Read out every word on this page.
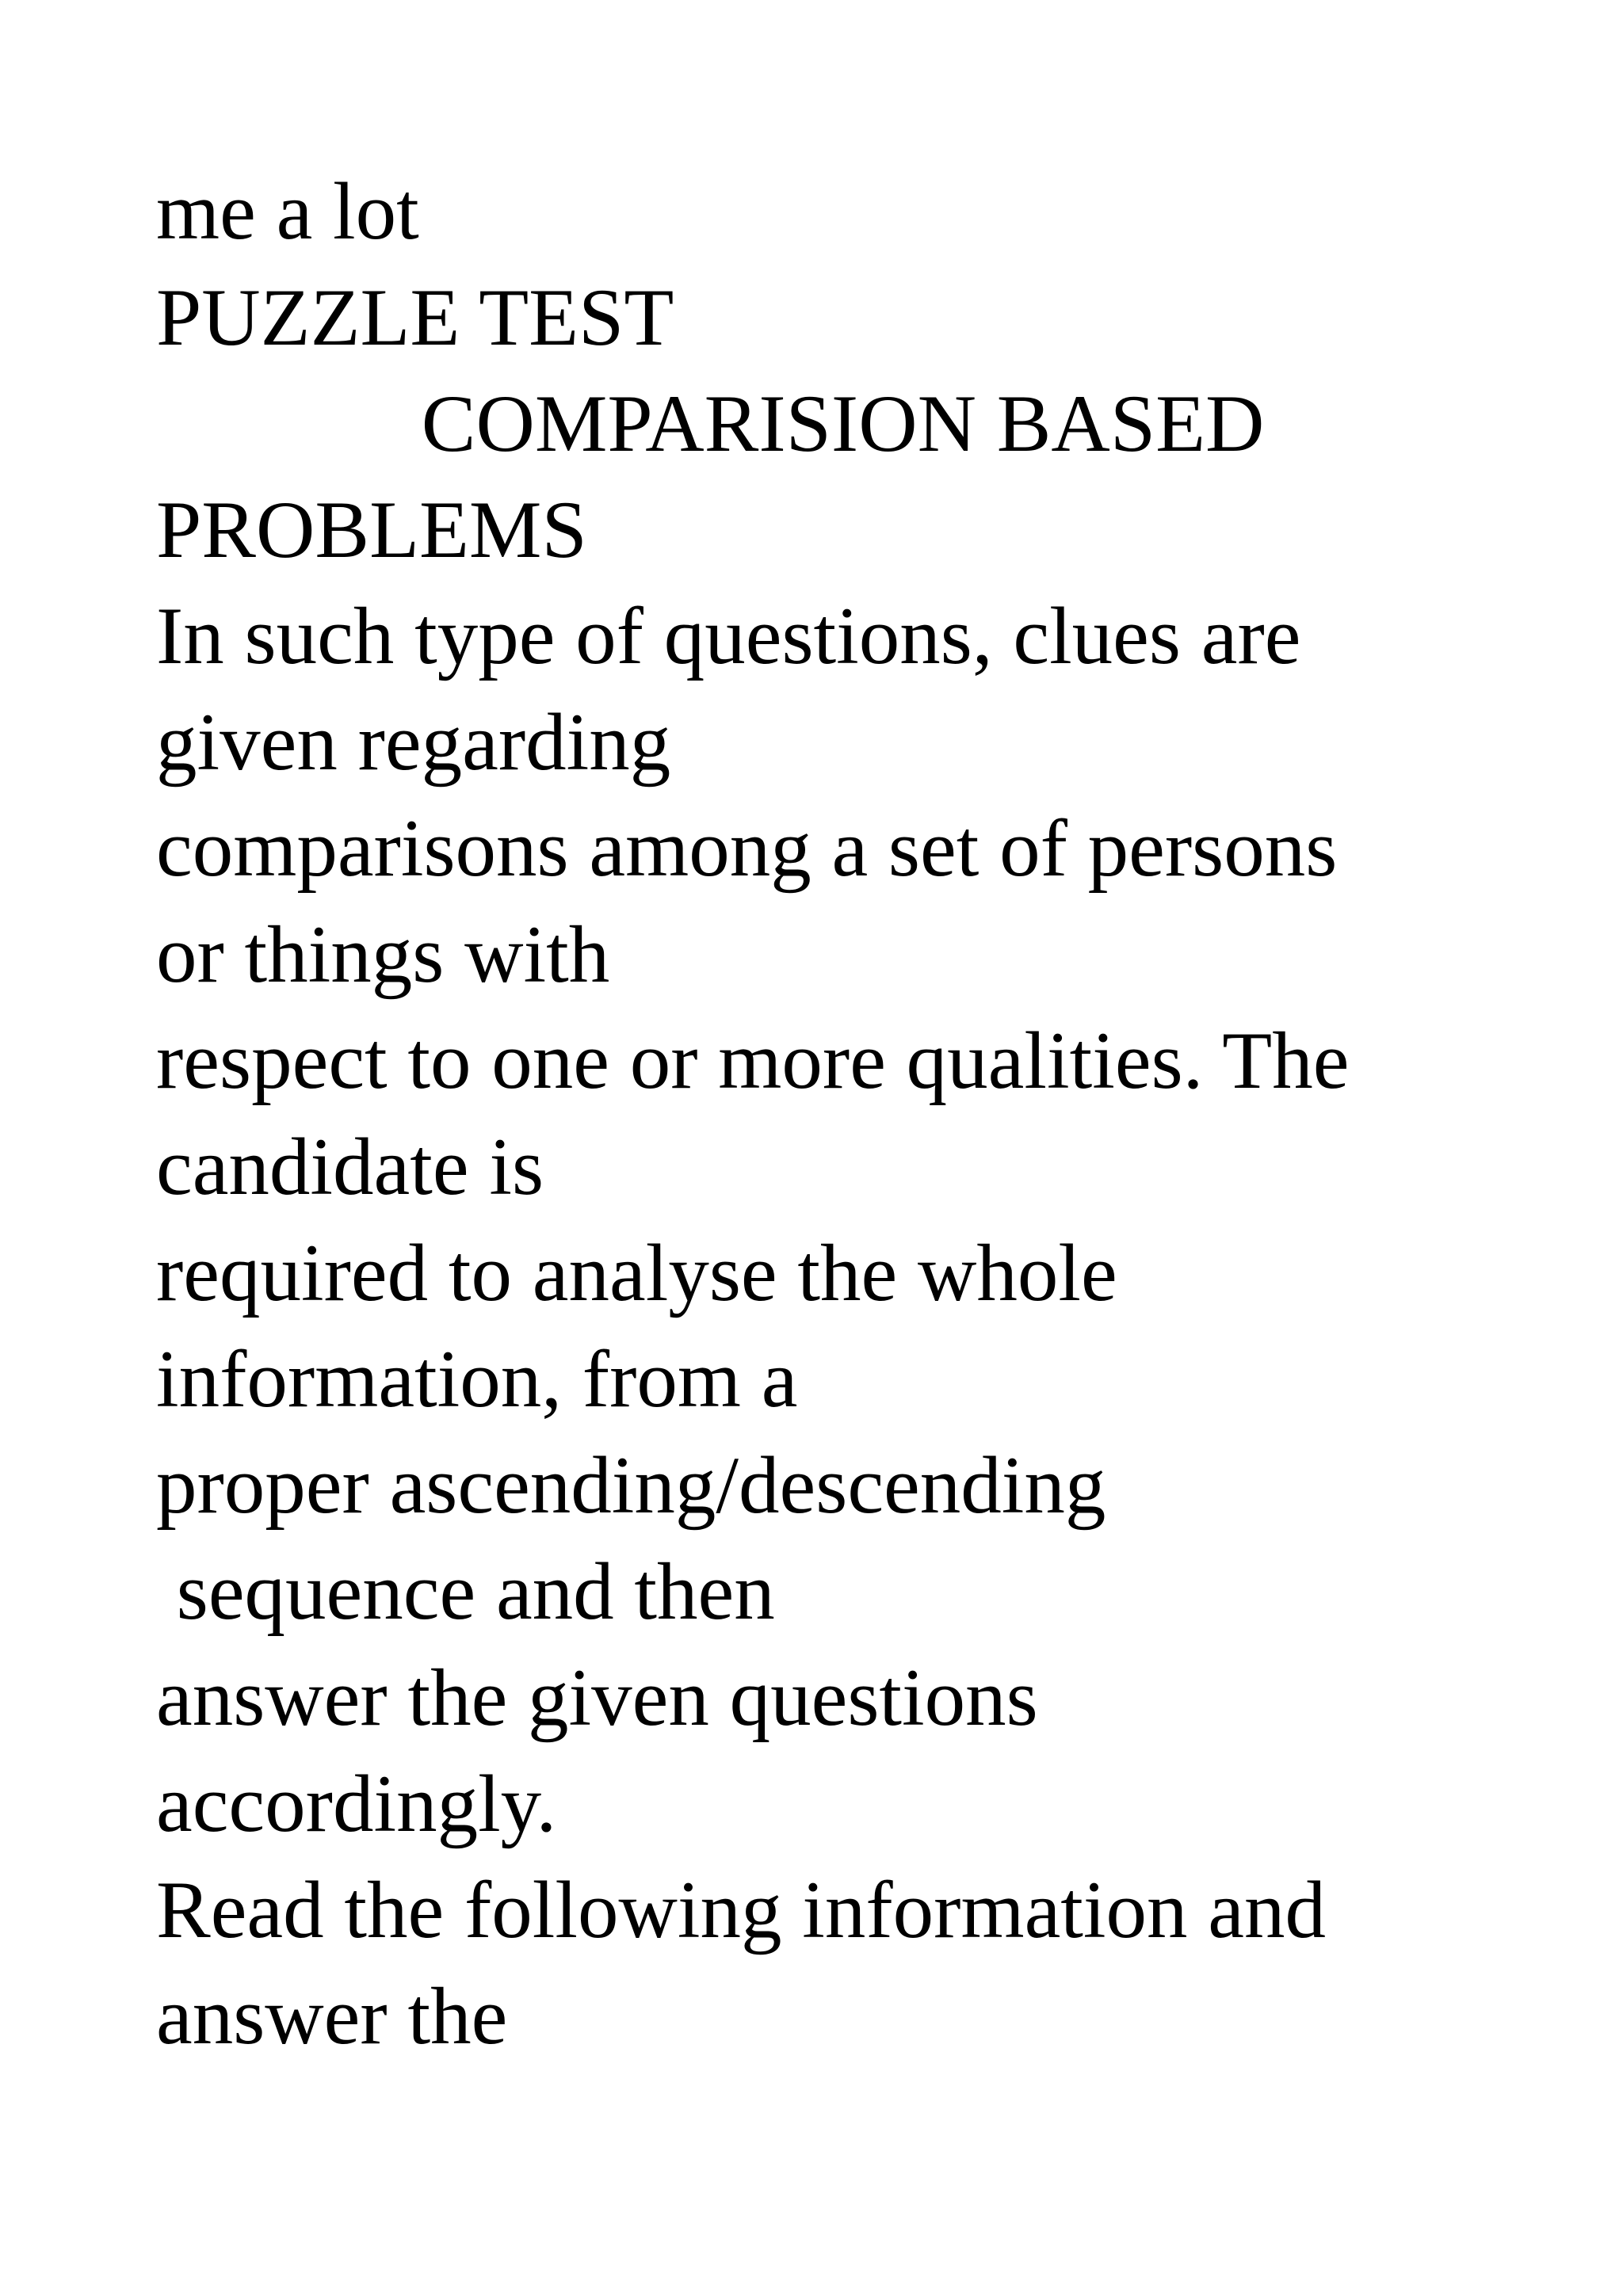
me a lot
PUZZLE TEST
COMPARISION BASED
PROBLEMS
In such type of questions, clues are
given regarding
comparisons among a set of persons
or things with
respect to one or more qualities. The
candidate is
required to analyse the whole
information, from a
proper ascending/descending
sequence and then
answer the given questions
accordingly.
Read the following information and
answer the
